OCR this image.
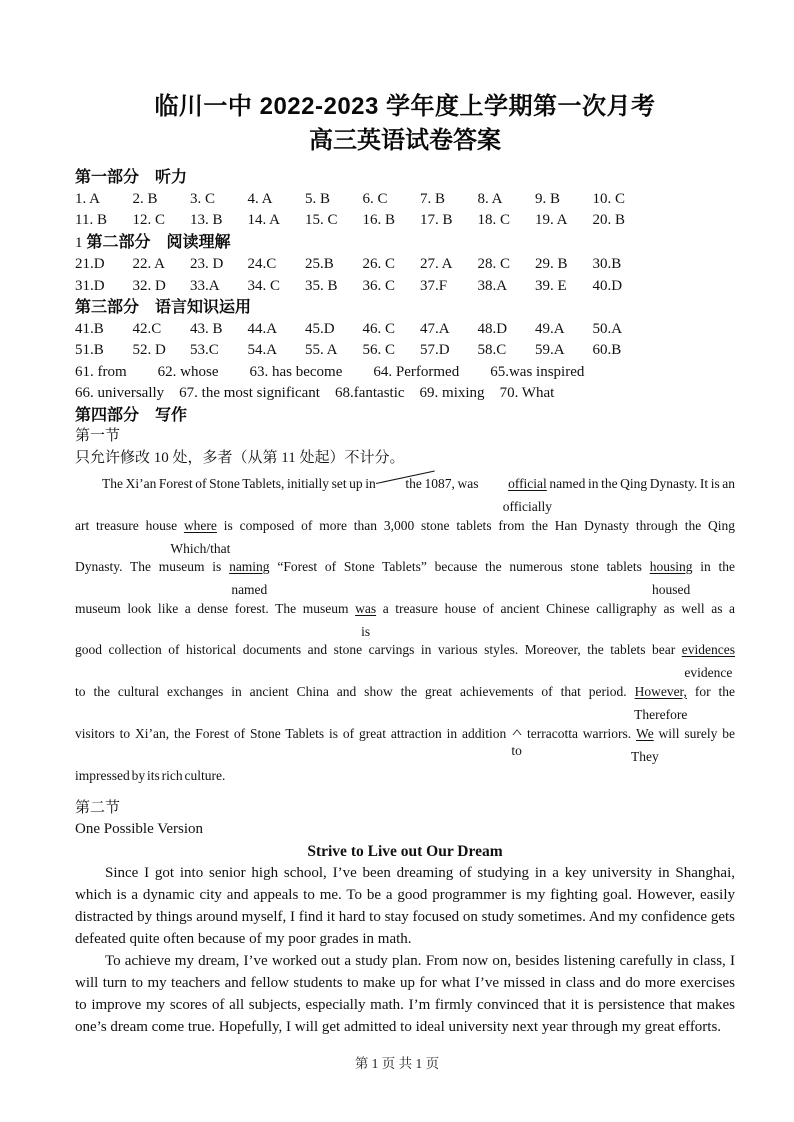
临川一中 2022-2023 学年度上学期第一次月考
高三英语试卷答案
第一部分　听力
1. A	2. B	3. C	4. A	5. B	6. C	7. B	8. A	9. B	10. C
11. B	12. C	13. B	14. A	15. C	16. B	17. B	18. C	19. A	20. B
1 第二部分　阅读理解
21.D	22. A	23. D	24.C	25.B	26. C	27. A	28. C	29. B	30.B
31.D	32. D	33.A	34. C	35. B	36. C	37.F	38.A	39. E	40.D
第三部分　语言知识运用
41.B	42.C	43. B	44.A	45.D	46. C	47.A	48.D	49.A	50.A
51.B	52. D	53.C	54.A	55. A	56. C	57.D	58.C	59.A	60.B
61. from 62. whose 63. has become 64. Performed 65.was inspired
66. universally 67. the most significant 68.fantastic 69. mixing 70. What
第四部分　写作
第一节
只允许修改 10 处，多者（从第 11 处起）不计分。
The Xi’an Forest of Stone Tablets, initially set up in the 1087, was official
officially
named in the Qing Dynasty. It is an
art treasure house where
Which/that
is composed of more than 3,000 stone tablets from the Han Dynasty through the Qing
Dynasty. The museum is naming
named
“Forest of Stone Tablets” because the numerous stone tablets housing
housed
in the
museum look like a dense forest. The museum was
is
a treasure house of ancient Chinese calligraphy as well as a
good collection of historical documents and stone carvings in various styles. Moreover, the tablets bear evidences
evidence
to the cultural exchanges in ancient China and show the great achievements of that period. However,
Therefore
for the
visitors to Xi’an, the Forest of Stone Tablets is of great attraction in addition ^
to
terracotta warriors. We
They
will surely be
impressed by its rich culture.
第二节
One Possible Version
Strive to Live out Our Dream

Since I got into senior high school, I’ve been dreaming of studying in a key university in Shanghai, which is a dynamic city and appeals to me. To be a good programmer is my fighting goal. However, easily distracted by things around myself, I find it hard to stay focused on study sometimes. And my confidence gets defeated quite often because of my poor grades in math.

To achieve my dream, I’ve worked out a study plan. From now on, besides listening carefully in class, I will turn to my teachers and fellow students to make up for what I’ve missed in class and do more exercises to improve my scores of all subjects, especially math. I’m firmly convinced that it is persistence that makes one’s dream come true. Hopefully, I will get admitted to ideal university next year through my great efforts.

第 1 页 共 1 页
